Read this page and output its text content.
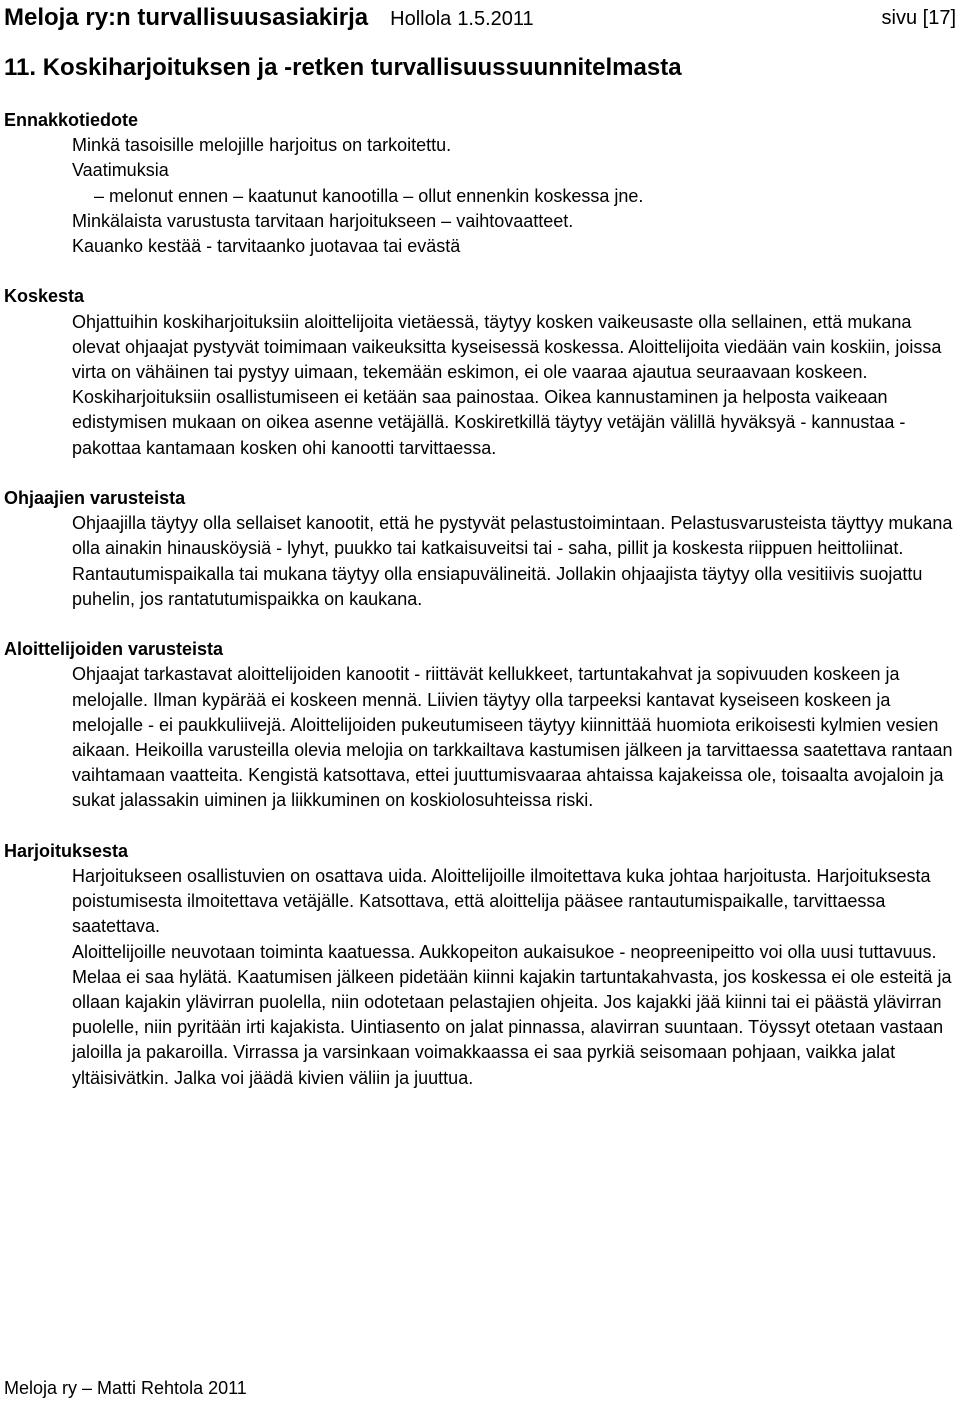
Meloja ry:n turvallisuusasiakirja Hollola 1.5.2011	sivu [17]
11. Koskiharjoituksen ja -retken turvallisuussuunnitelmasta
Ennakkotiedote

Minkä tasoisille melojille harjoitus on tarkoitettu.

Vaatimuksia

– melonut ennen – kaatunut kanootilla – ollut ennenkin koskessa jne.

Minkälaista varustusta tarvitaan harjoitukseen – vaihtovaatteet.

Kauanko kestää - tarvitaanko juotavaa tai evästä

Koskesta

Ohjattuihin koskiharjoituksiin aloittelijoita vietäessä, täytyy kosken vaikeusaste olla sellainen, että mukana olevat ohjaajat pystyvät toimimaan vaikeuksitta kyseisessä koskessa. Aloittelijoita viedään vain koskiin, joissa virta on vähäinen tai pystyy uimaan, tekemään eskimon, ei ole vaaraa ajautua seuraavaan koskeen. Koskiharjoituksiin osallistumiseen ei ketään saa painostaa. Oikea kannustaminen ja helposta vaikeaan edistymisen mukaan on oikea asenne vetäjällä. Koskiretkillä täytyy vetäjän välillä hyväksyä - kannustaa - pakottaa kantamaan kosken ohi kanootti tarvittaessa.

Ohjaajien varusteista

Ohjaajilla täytyy olla sellaiset kanootit, että he pystyvät pelastustoimintaan. Pelastusvarusteista täyttyy mukana olla ainakin hinausköysiä - lyhyt, puukko tai katkaisuveitsi tai - saha, pillit ja koskesta riippuen heittoliinat. Rantautumispaikalla tai mukana täytyy olla ensiapuvälineitä. Jollakin ohjaajista täytyy olla vesitiivis suojattu puhelin, jos rantatutumispaikka on kaukana.

Aloittelijoiden varusteista

Ohjaajat tarkastavat aloittelijoiden kanootit - riittävät kellukkeet, tartuntakahvat ja sopivuuden koskeen ja melojalle. Ilman kypärää ei koskeen mennä. Liivien täytyy olla tarpeeksi kantavat kyseiseen koskeen ja melojalle - ei paukkuliivejä. Aloittelijoiden pukeutumiseen täytyy kiinnittää huomiota erikoisesti kylmien vesien aikaan. Heikoilla varusteilla olevia melojia on tarkkailtava kastumisen jälkeen ja tarvittaessa saatettava rantaan vaihtamaan vaatteita. Kengistä katsottava, ettei juuttumisvaaraa ahtaissa kajakeissa ole, toisaalta avojaloin ja sukat jalassakin uiminen ja liikkuminen on koskiolosuhteissa riski.

Harjoituksesta

Harjoitukseen osallistuvien on osattava uida. Aloittelijoille ilmoitettava kuka johtaa harjoitusta. Harjoituksesta poistumisesta ilmoitettava vetäjälle. Katsottava, että aloittelija pääsee rantautumispaikalle, tarvittaessa saatettava.

Aloittelijoille neuvotaan toiminta kaatuessa. Aukkopeiton aukaisukoe - neopreenipeitto voi olla uusi tuttavuus. Melaa ei saa hylätä. Kaatumisen jälkeen pidetään kiinni kajakin tartuntakahvasta, jos koskessa ei ole esteitä ja ollaan kajakin ylävirran puolella, niin odotetaan pelastajien ohjeita. Jos kajakki jää kiinni tai ei päästä ylävirran puolelle, niin pyritään irti kajakista. Uintiasento on jalat pinnassa, alavirran suuntaan. Töyssyt otetaan vastaan jaloilla ja pakaroilla. Virrassa ja varsinkaan voimakkaassa ei saa pyrkiä seisomaan pohjaan, vaikka jalat yltäisivätkin. Jalka voi jäädä kivien väliin ja juuttua.

Meloja ry – Matti Rehtola 2011
